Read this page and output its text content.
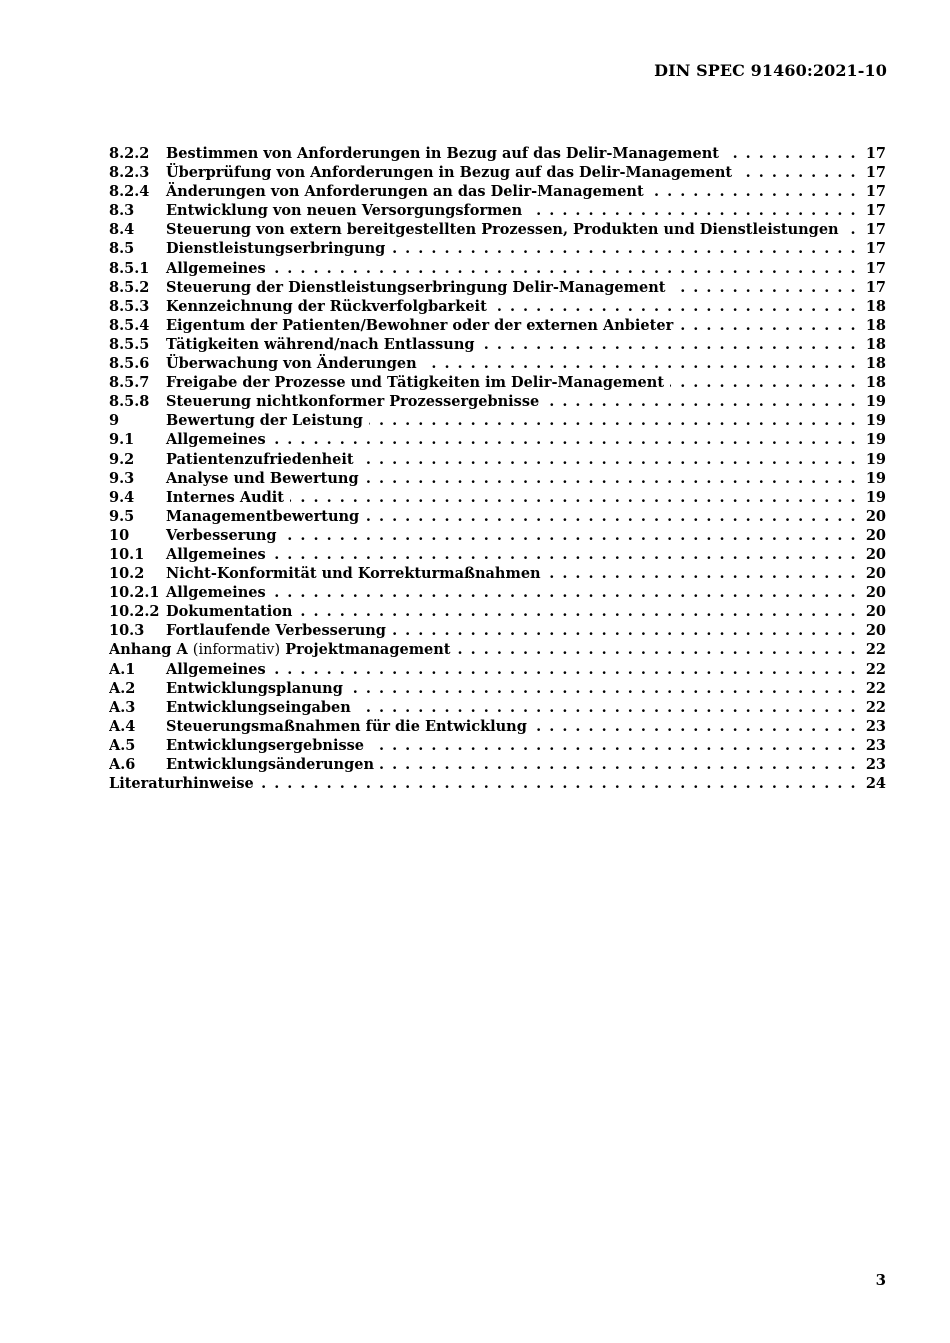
DIN SPEC 91460:2021-10
8.2.2	Bestimmen von Anforderungen in Bezug auf das Delir-Management . . .	17
8.2.3	Überprüfung von Anforderungen in Bezug auf das Delir-Management . . .	17
8.2.4	Änderungen von Anforderungen an das Delir-Management . . .	17
8.3	Entwicklung von neuen Versorgungsformen . . .	17
8.4	Steuerung von extern bereitgestellten Prozessen, Produkten und Dienstleistungen . . . 17
8.5	Dienstleistungserbringung . . .	17
8.5.1	Allgemeines . . .	17
8.5.2	Steuerung der Dienstleistungserbringung Delir-Management . . .	17
8.5.3	Kennzeichnung der Rückverfolgbarkeit . . .	18
8.5.4	Eigentum der Patienten/Bewohner oder der externen Anbieter . . .	18
8.5.5	Tätigkeiten während/nach Entlassung . . .	18
8.5.6	Überwachung von Änderungen . . .	18
8.5.7	Freigabe der Prozesse und Tätigkeiten im Delir-Management . . .	18
8.5.8	Steuerung nichtkonformer Prozessergebnisse . . .	19
9	Bewertung der Leistung . . .	19
9.1	Allgemeines . . .	19
9.2	Patientenzufriedenheit . . .	19
9.3	Analyse und Bewertung . . .	19
9.4	Internes Audit . . .	19
9.5	Managementbewertung . . .	20
10	Verbesserung . . .	20
10.1	Allgemeines . . .	20
10.2	Nicht-Konformität und Korrekturmaßnahmen . . .	20
10.2.1 Allgemeines . . .	20
10.2.2 Dokumentation . . .	20
10.3	Fortlaufende Verbesserung . . .	20
Anhang A (informativ) Projektmanagement . . .	22
A.1	Allgemeines . . .	22
A.2	Entwicklungsplanung . . .	22
A.3	Entwicklungseingaben . . .	22
A.4	Steuerungsmaßnahmen für die Entwicklung . . .	23
A.5	Entwicklungsergebnisse . . .	23
A.6	Entwicklungsänderungen . . .	23
Literaturhinweise . . .	24
3
